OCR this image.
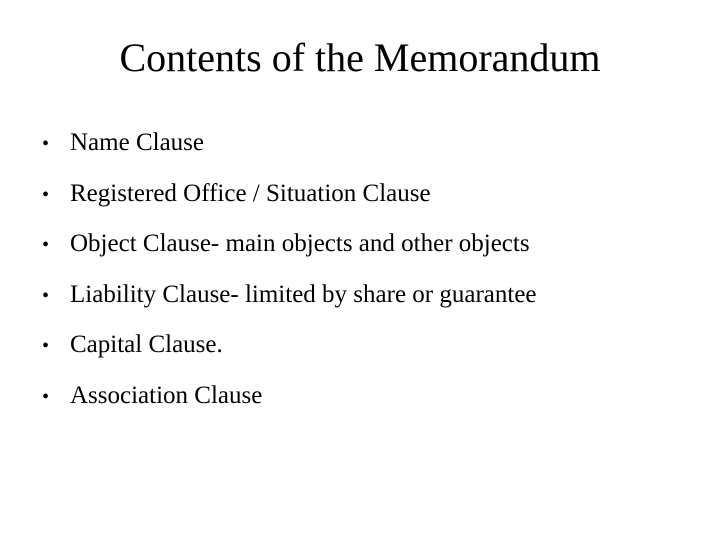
Contents of the Memorandum
• Name Clause
• Registered Office / Situation Clause
• Object Clause- main objects and other objects
• Liability Clause- limited by share or guarantee
• Capital Clause.
• Association Clause
